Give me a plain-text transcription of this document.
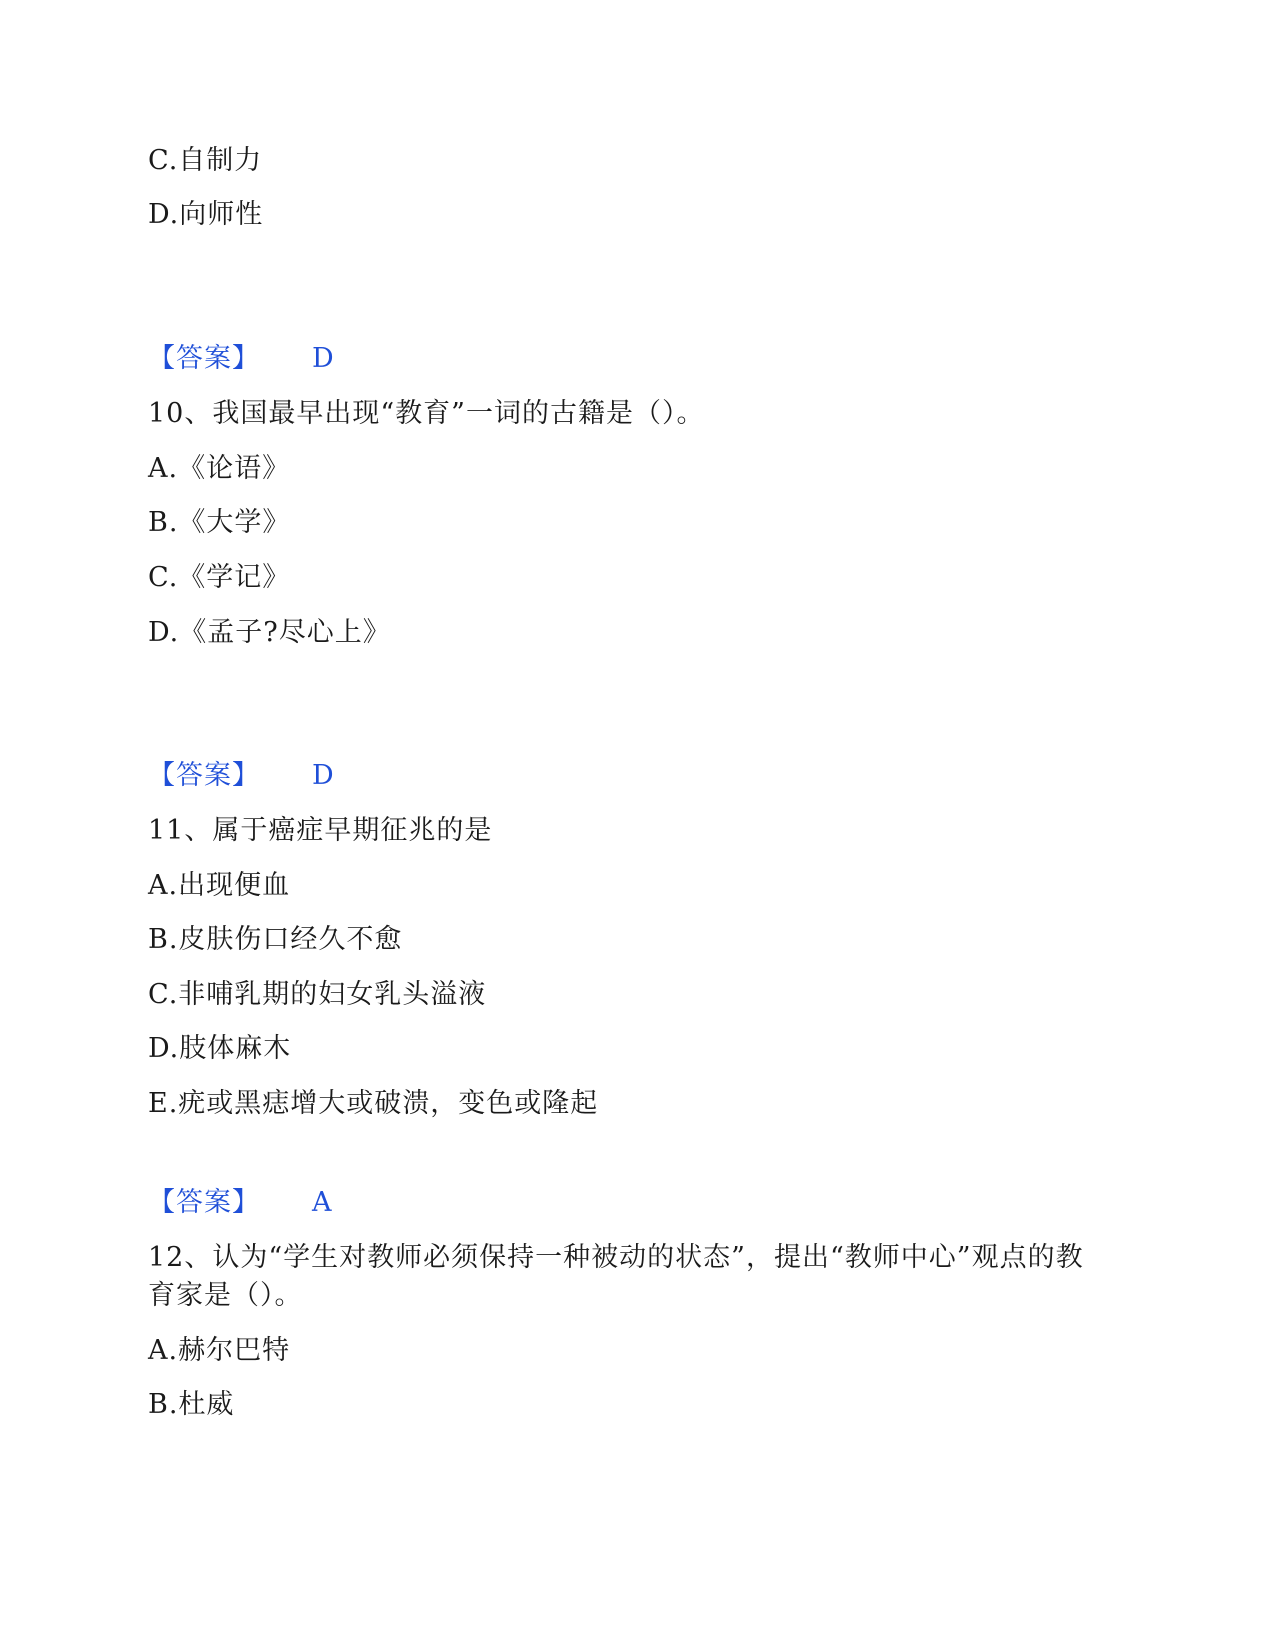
C.自制力
D.向师性
【答案】 D
10、我国最早出现“教育”一词的古籍是（）。
A.《论语》
B.《大学》
C.《学记》
D.《孟子?尽心上》
【答案】 D
11、属于癌症早期征兆的是
A.出现便血
B.皮肤伤口经久不愈
C.非哺乳期的妇女乳头溢液
D.肢体麻木
E.疣或黑痣增大或破溃，变色或隆起
【答案】 A
12、认为“学生对教师必须保持一种被动的状态”，提出“教师中心”观点的教
育家是（）。
A.赫尔巴特
B.杜威
